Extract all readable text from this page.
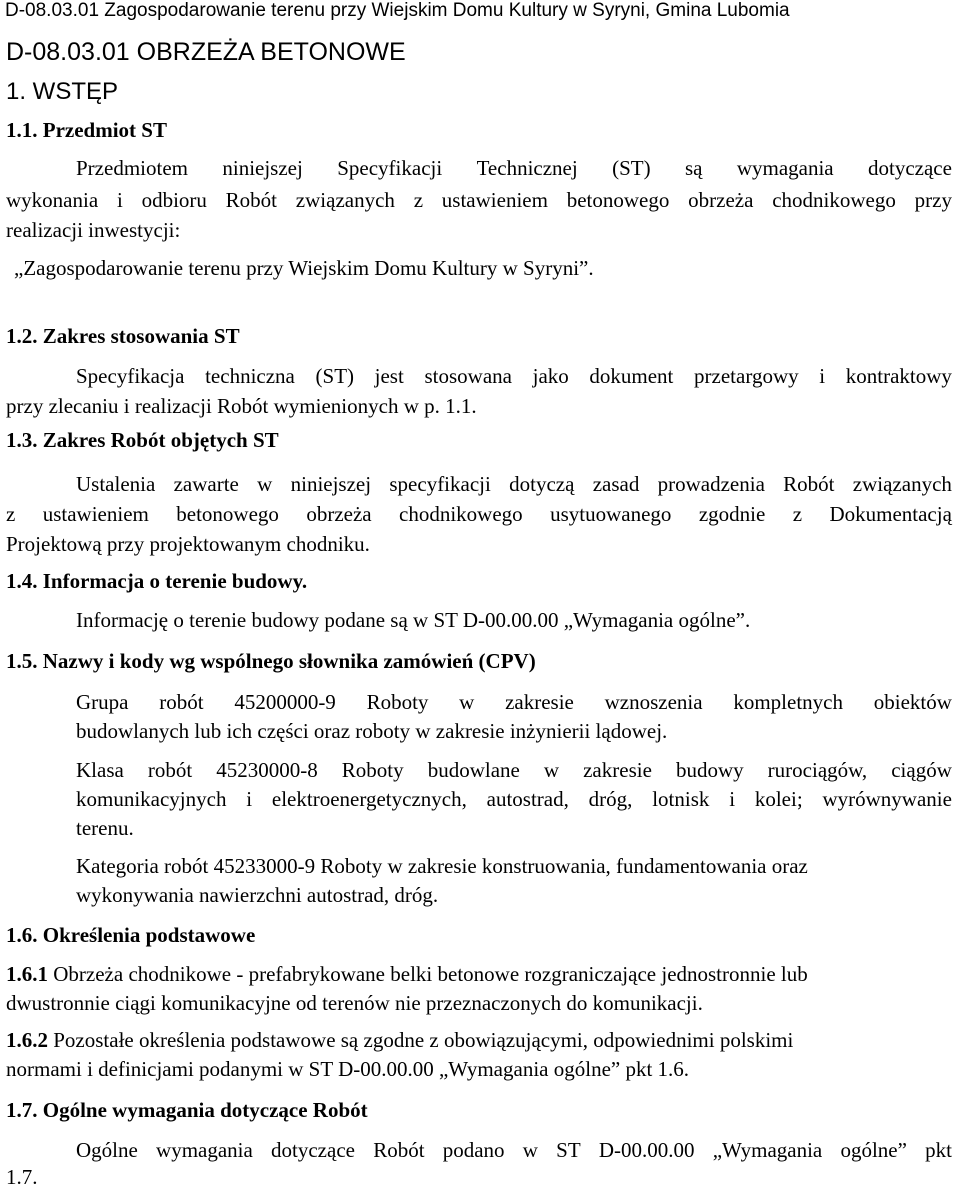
D-08.03.01 Zagospodarowanie terenu przy Wiejskim Domu Kultury w Syryni, Gmina Lubomia
D-08.03.01 OBRZEŻA BETONOWE
1. WSTĘP
1.1. Przedmiot ST
Przedmiotem niniejszej Specyfikacji Technicznej (ST) są wymagania dotyczące
wykonania i odbioru Robót związanych z ustawieniem betonowego obrzeża chodnikowego przy
realizacji inwestycji:
„Zagospodarowanie terenu przy Wiejskim Domu Kultury w Syryni”.
1.2. Zakres stosowania ST
Specyfikacja techniczna (ST) jest stosowana jako dokument przetargowy i kontraktowy
przy zlecaniu i realizacji Robót wymienionych w p. 1.1.
1.3. Zakres Robót objętych ST
Ustalenia zawarte w niniejszej specyfikacji dotyczą zasad prowadzenia Robót związanych
z ustawieniem betonowego obrzeża chodnikowego usytuowanego zgodnie z Dokumentacją
Projektową przy projektowanym chodniku.
1.4. Informacja o terenie budowy.
Informację o terenie budowy podane są w ST D-00.00.00 „Wymagania ogólne”.
1.5. Nazwy i kody wg wspólnego słownika zamówień (CPV)
Grupa robót 45200000-9 Roboty w zakresie wznoszenia kompletnych obiektów
budowlanych lub ich części oraz roboty w zakresie inżynierii lądowej.
Klasa robót 45230000-8 Roboty budowlane w zakresie budowy rurociągów, ciągów
komunikacyjnych i elektroenergetycznych, autostrad, dróg, lotnisk i kolei; wyrównywanie
terenu.
Kategoria robót 45233000-9 Roboty w zakresie konstruowania, fundamentowania oraz
wykonywania nawierzchni autostrad, dróg.
1.6. Określenia podstawowe
1.6.1 Obrzeża chodnikowe - prefabrykowane belki betonowe rozgraniczające jednostronnie lub
dwustronnie ciągi komunikacyjne od terenów nie przeznaczonych do komunikacji.
1.6.2 Pozostałe określenia podstawowe są zgodne z obowiązującymi, odpowiednimi polskimi
normami i definicjami podanymi w ST D-00.00.00 „Wymagania ogólne” pkt 1.6.
1.7. Ogólne wymagania dotyczące Robót
Ogólne wymagania dotyczące Robót podano w ST D-00.00.00 „Wymagania ogólne” pkt
1.7.
